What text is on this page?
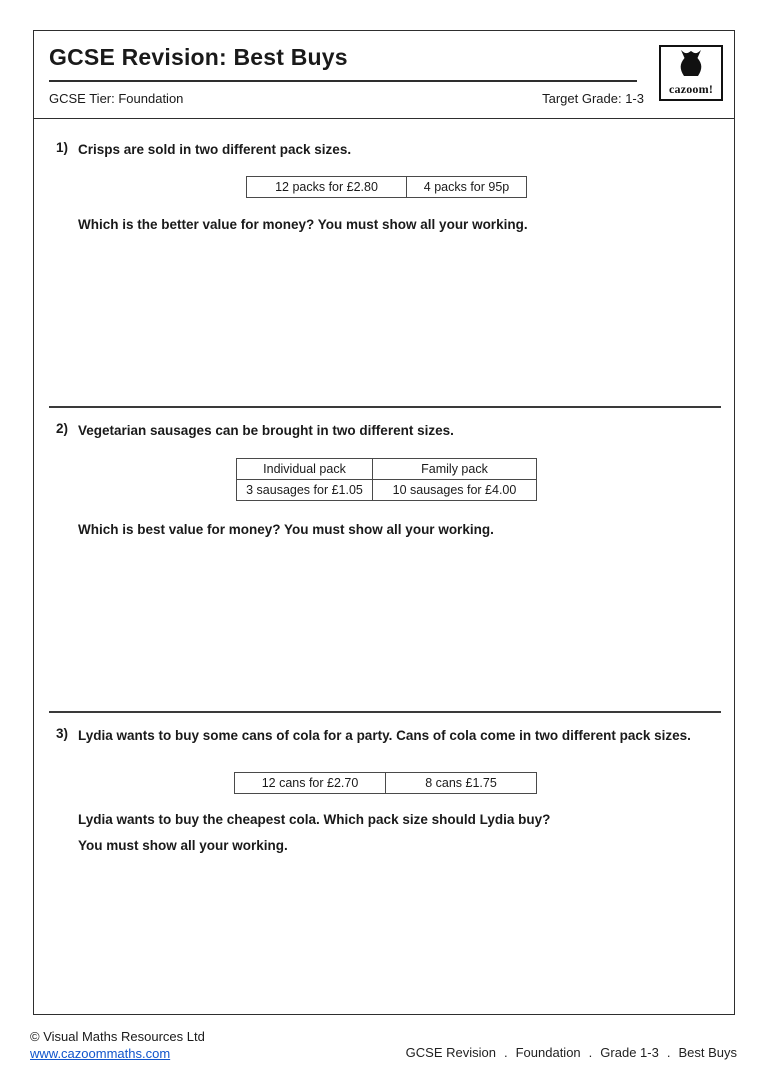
GCSE Revision: Best Buys
GCSE Tier: Foundation	Target Grade: 1-3
cazoom!
1) Crisps are sold in two different pack sizes.
12 packs for £2.80	4 packs for 95p
Which is the better value for money? You must show all your working.
2) Vegetarian sausages can be brought in two different sizes.
Individual pack	Family pack
3 sausages for £1.05	10 sausages for £4.00
Which is best value for money? You must show all your working.
3) Lydia wants to buy some cans of cola for a party. Cans of cola come in two different pack sizes.
12 cans for £2.70	8 cans £1.75
Lydia wants to buy the cheapest cola. Which pack size should Lydia buy?
You must show all your working.
© Visual Maths Resources Ltd
www.cazoommaths.com	GCSE Revision . Foundation . Grade 1-3 . Best Buys
